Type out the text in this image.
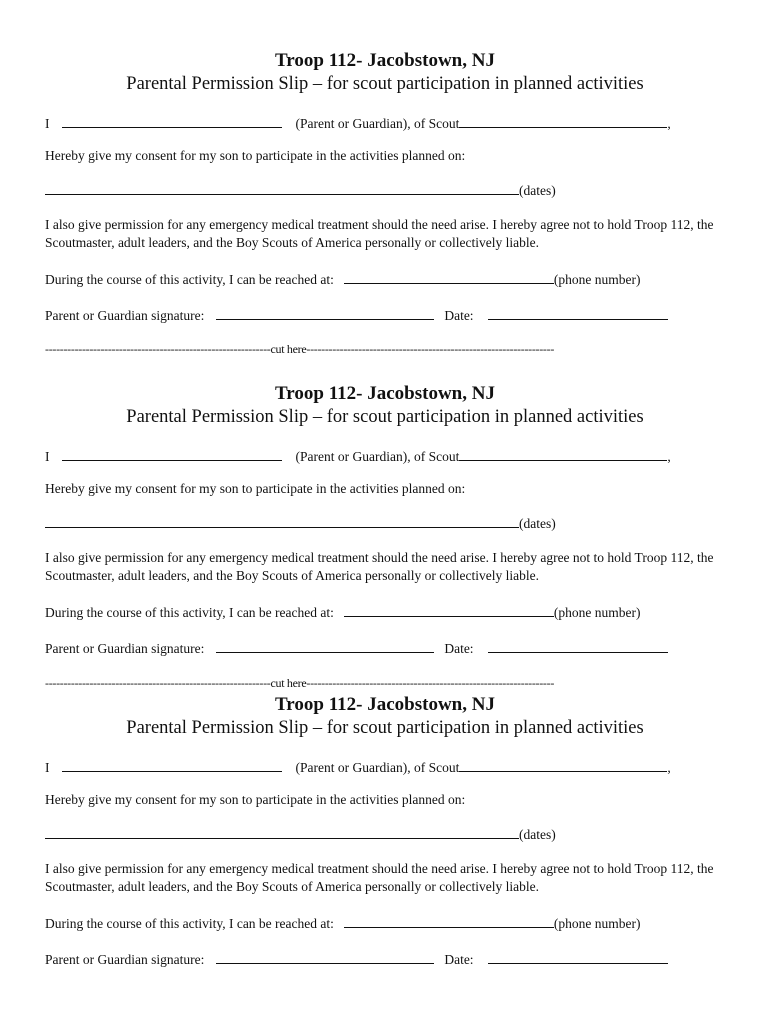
Troop 112- Jacobstown, NJ
Parental Permission Slip – for scout participation in planned activities
I	(Parent or Guardian), of Scout	,
Hereby give my consent for my son to participate in the activities planned on:
(dates)
I also give permission for any emergency medical treatment should the need arise. I hereby agree not to hold Troop 112, the Scoutmaster, adult leaders, and the Boy Scouts of America personally or collectively liable.
During the course of this activity, I can be reached at:	(phone number)
Parent or Guardian signature:	Date:
-------------------------------------------------------------cut here-------------------------------------------------------------------
Troop 112- Jacobstown, NJ
Parental Permission Slip – for scout participation in planned activities
I	(Parent or Guardian), of Scout	,
Hereby give my consent for my son to participate in the activities planned on:
(dates)
I also give permission for any emergency medical treatment should the need arise. I hereby agree not to hold Troop 112, the Scoutmaster, adult leaders, and the Boy Scouts of America personally or collectively liable.
During the course of this activity, I can be reached at:	(phone number)
Parent or Guardian signature:	Date:
-------------------------------------------------------------cut here-------------------------------------------------------------------
Troop 112- Jacobstown, NJ
Parental Permission Slip – for scout participation in planned activities
I	(Parent or Guardian), of Scout	,
Hereby give my consent for my son to participate in the activities planned on:
(dates)
I also give permission for any emergency medical treatment should the need arise. I hereby agree not to hold Troop 112, the Scoutmaster, adult leaders, and the Boy Scouts of America personally or collectively liable.
During the course of this activity, I can be reached at:	(phone number)
Parent or Guardian signature:	Date:
